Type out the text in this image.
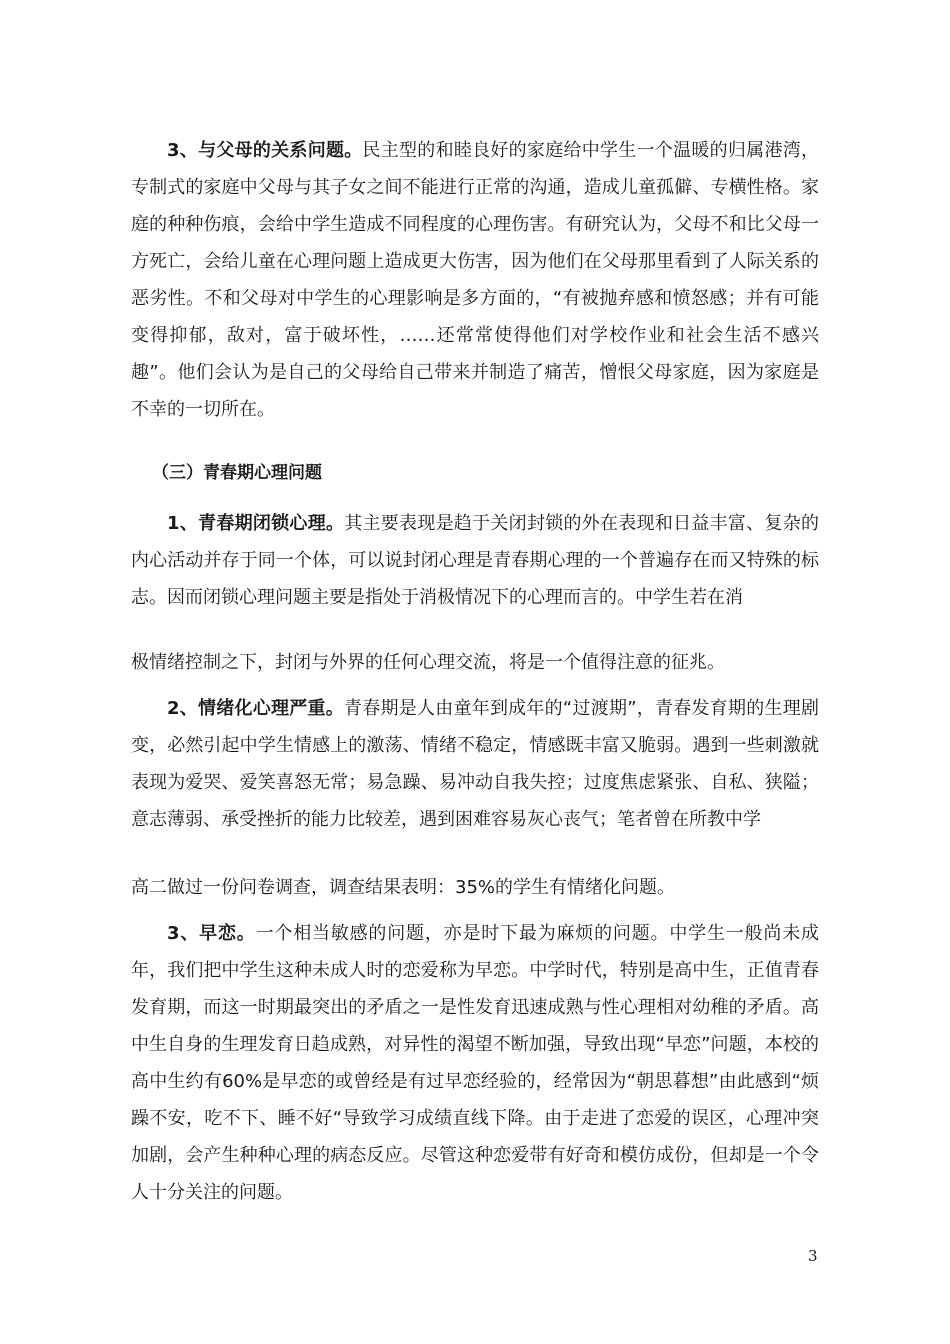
3、与父母的关系问题。民主型的和睦良好的家庭给中学生一个温暖的归属港湾，专制式的家庭中父母与其子女之间不能进行正常的沟通，造成儿童孤僻、专横性格。家庭的种种伤痕，会给中学生造成不同程度的心理伤害。有研究认为，父母不和比父母一方死亡，会给儿童在心理问题上造成更大伤害，因为他们在父母那里看到了人际关系的恶劣性。不和父母对中学生的心理影响是多方面的，“有被抛弃感和愤怒感；并有可能变得抑郁，敌对，富于破坏性，……还常常使得他们对学校作业和社会生活不感兴趣”。他们会认为是自己的父母给自己带来并制造了痛苦，憎恨父母家庭，因为家庭是不幸的一切所在。

（三）青春期心理问题

1、青春期闭锁心理。其主要表现是趋于关闭封锁的外在表现和日益丰富、复杂的内心活动并存于同一个体，可以说封闭心理是青春期心理的一个普遍存在而又特殊的标志。因而闭锁心理问题主要是指处于消极情况下的心理而言的。中学生若在消

极情绪控制之下，封闭与外界的任何心理交流，将是一个值得注意的征兆。

2、情绪化心理严重。青春期是人由童年到成年的“过渡期”，青春发育期的生理剧变，必然引起中学生情感上的激荡、情绪不稳定，情感既丰富又脆弱。遇到一些刺激就表现为爱哭、爱笑喜怒无常；易急躁、易冲动自我失控；过度焦虑紧张、自私、狭隘；意志薄弱、承受挫折的能力比较差，遇到困难容易灰心丧气；笔者曾在所教中学

高二做过一份问卷调查，调查结果表明：35%的学生有情绪化问题。

3、早恋。一个相当敏感的问题，亦是时下最为麻烦的问题。中学生一般尚未成年，我们把中学生这种未成人时的恋爱称为早恋。中学时代，特别是高中生，正值青春发育期，而这一时期最突出的矛盾之一是性发育迅速成熟与性心理相对幼稚的矛盾。高中生自身的生理发育日趋成熟，对异性的渴望不断加强，导致出现“早恋”问题，本校的高中生约有60%是早恋的或曾经是有过早恋经验的，经常因为“朝思暮想”由此感到“烦躁不安，吃不下、睡不好“导致学习成绩直线下降。由于走进了恋爱的误区，心理冲突加剧，会产生种种心理的病态反应。尽管这种恋爱带有好奇和模仿成份，但却是一个令人十分关注的问题。

3
